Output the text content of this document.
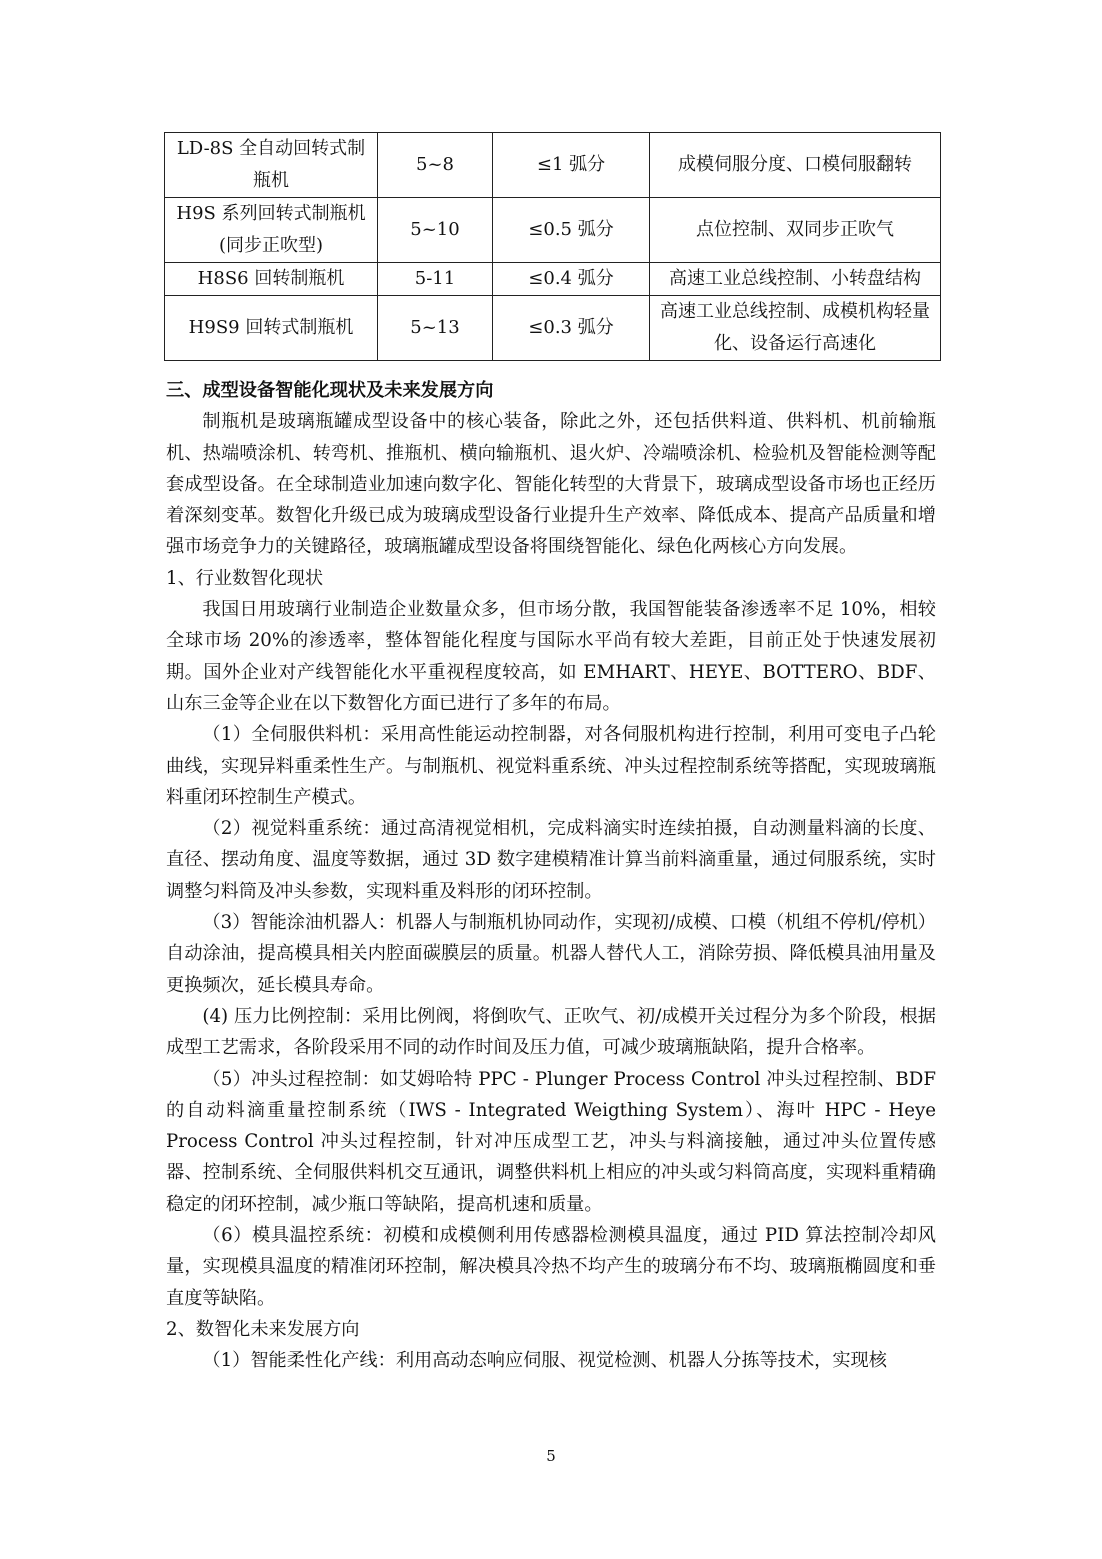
LD-8S 全自动回转式制瓶机	5~8	≤1 弧分	成模伺服分度、口模伺服翻转
H9S 系列回转式制瓶机(同步正吹型)	5~10	≤0.5 弧分	点位控制、双同步正吹气
H8S6 回转制瓶机	5-11	≤0.4 弧分	高速工业总线控制、小转盘结构
H9S9 回转式制瓶机	5~13	≤0.3 弧分	高速工业总线控制、成模机构轻量化、设备运行高速化

三、成型设备智能化现状及未来发展方向

制瓶机是玻璃瓶罐成型设备中的核心装备，除此之外，还包括供料道、供料机、机前输瓶机、热端喷涂机、转弯机、推瓶机、横向输瓶机、退火炉、冷端喷涂机、检验机及智能检测等配套成型设备。在全球制造业加速向数字化、智能化转型的大背景下，玻璃成型设备市场也正经历着深刻变革。数智化升级已成为玻璃成型设备行业提升生产效率、降低成本、提高产品质量和增强市场竞争力的关键路径，玻璃瓶罐成型设备将围绕智能化、绿色化两核心方向发展。

1、行业数智化现状

我国日用玻璃行业制造企业数量众多，但市场分散，我国智能装备渗透率不足 10%，相较全球市场 20%的渗透率，整体智能化程度与国际水平尚有较大差距，目前正处于快速发展初期。国外企业对产线智能化水平重视程度较高，如 EMHART、HEYE、BOTTERO、BDF、山东三金等企业在以下数智化方面已进行了多年的布局。

（1）全伺服供料机：采用高性能运动控制器，对各伺服机构进行控制，利用可变电子凸轮曲线，实现异料重柔性生产。与制瓶机、视觉料重系统、冲头过程控制系统等搭配，实现玻璃瓶料重闭环控制生产模式。

（2）视觉料重系统：通过高清视觉相机，完成料滴实时连续拍摄，自动测量料滴的长度、直径、摆动角度、温度等数据，通过 3D 数字建模精准计算当前料滴重量，通过伺服系统，实时调整匀料筒及冲头参数，实现料重及料形的闭环控制。

（3）智能涂油机器人：机器人与制瓶机协同动作，实现初/成模、口模（机组不停机/停机）自动涂油，提高模具相关内腔面碳膜层的质量。机器人替代人工，消除劳损、降低模具油用量及更换频次，延长模具寿命。

(4) 压力比例控制：采用比例阀，将倒吹气、正吹气、初/成模开关过程分为多个阶段，根据成型工艺需求，各阶段采用不同的动作时间及压力值，可减少玻璃瓶缺陷，提升合格率。

（5）冲头过程控制：如艾姆哈特 PPC - Plunger Process Control 冲头过程控制、BDF 的自动料滴重量控制系统（IWS - Integrated Weigthing System）、海叶 HPC - Heye Process Control 冲头过程控制，针对冲压成型工艺，冲头与料滴接触，通过冲头位置传感器、控制系统、全伺服供料机交互通讯，调整供料机上相应的冲头或匀料筒高度，实现料重精确稳定的闭环控制，减少瓶口等缺陷，提高机速和质量。

（6）模具温控系统：初模和成模侧利用传感器检测模具温度，通过 PID 算法控制冷却风量，实现模具温度的精准闭环控制，解决模具冷热不均产生的玻璃分布不均、玻璃瓶椭圆度和垂直度等缺陷。

2、数智化未来发展方向

（1）智能柔性化产线：利用高动态响应伺服、视觉检测、机器人分拣等技术，实现核

5
